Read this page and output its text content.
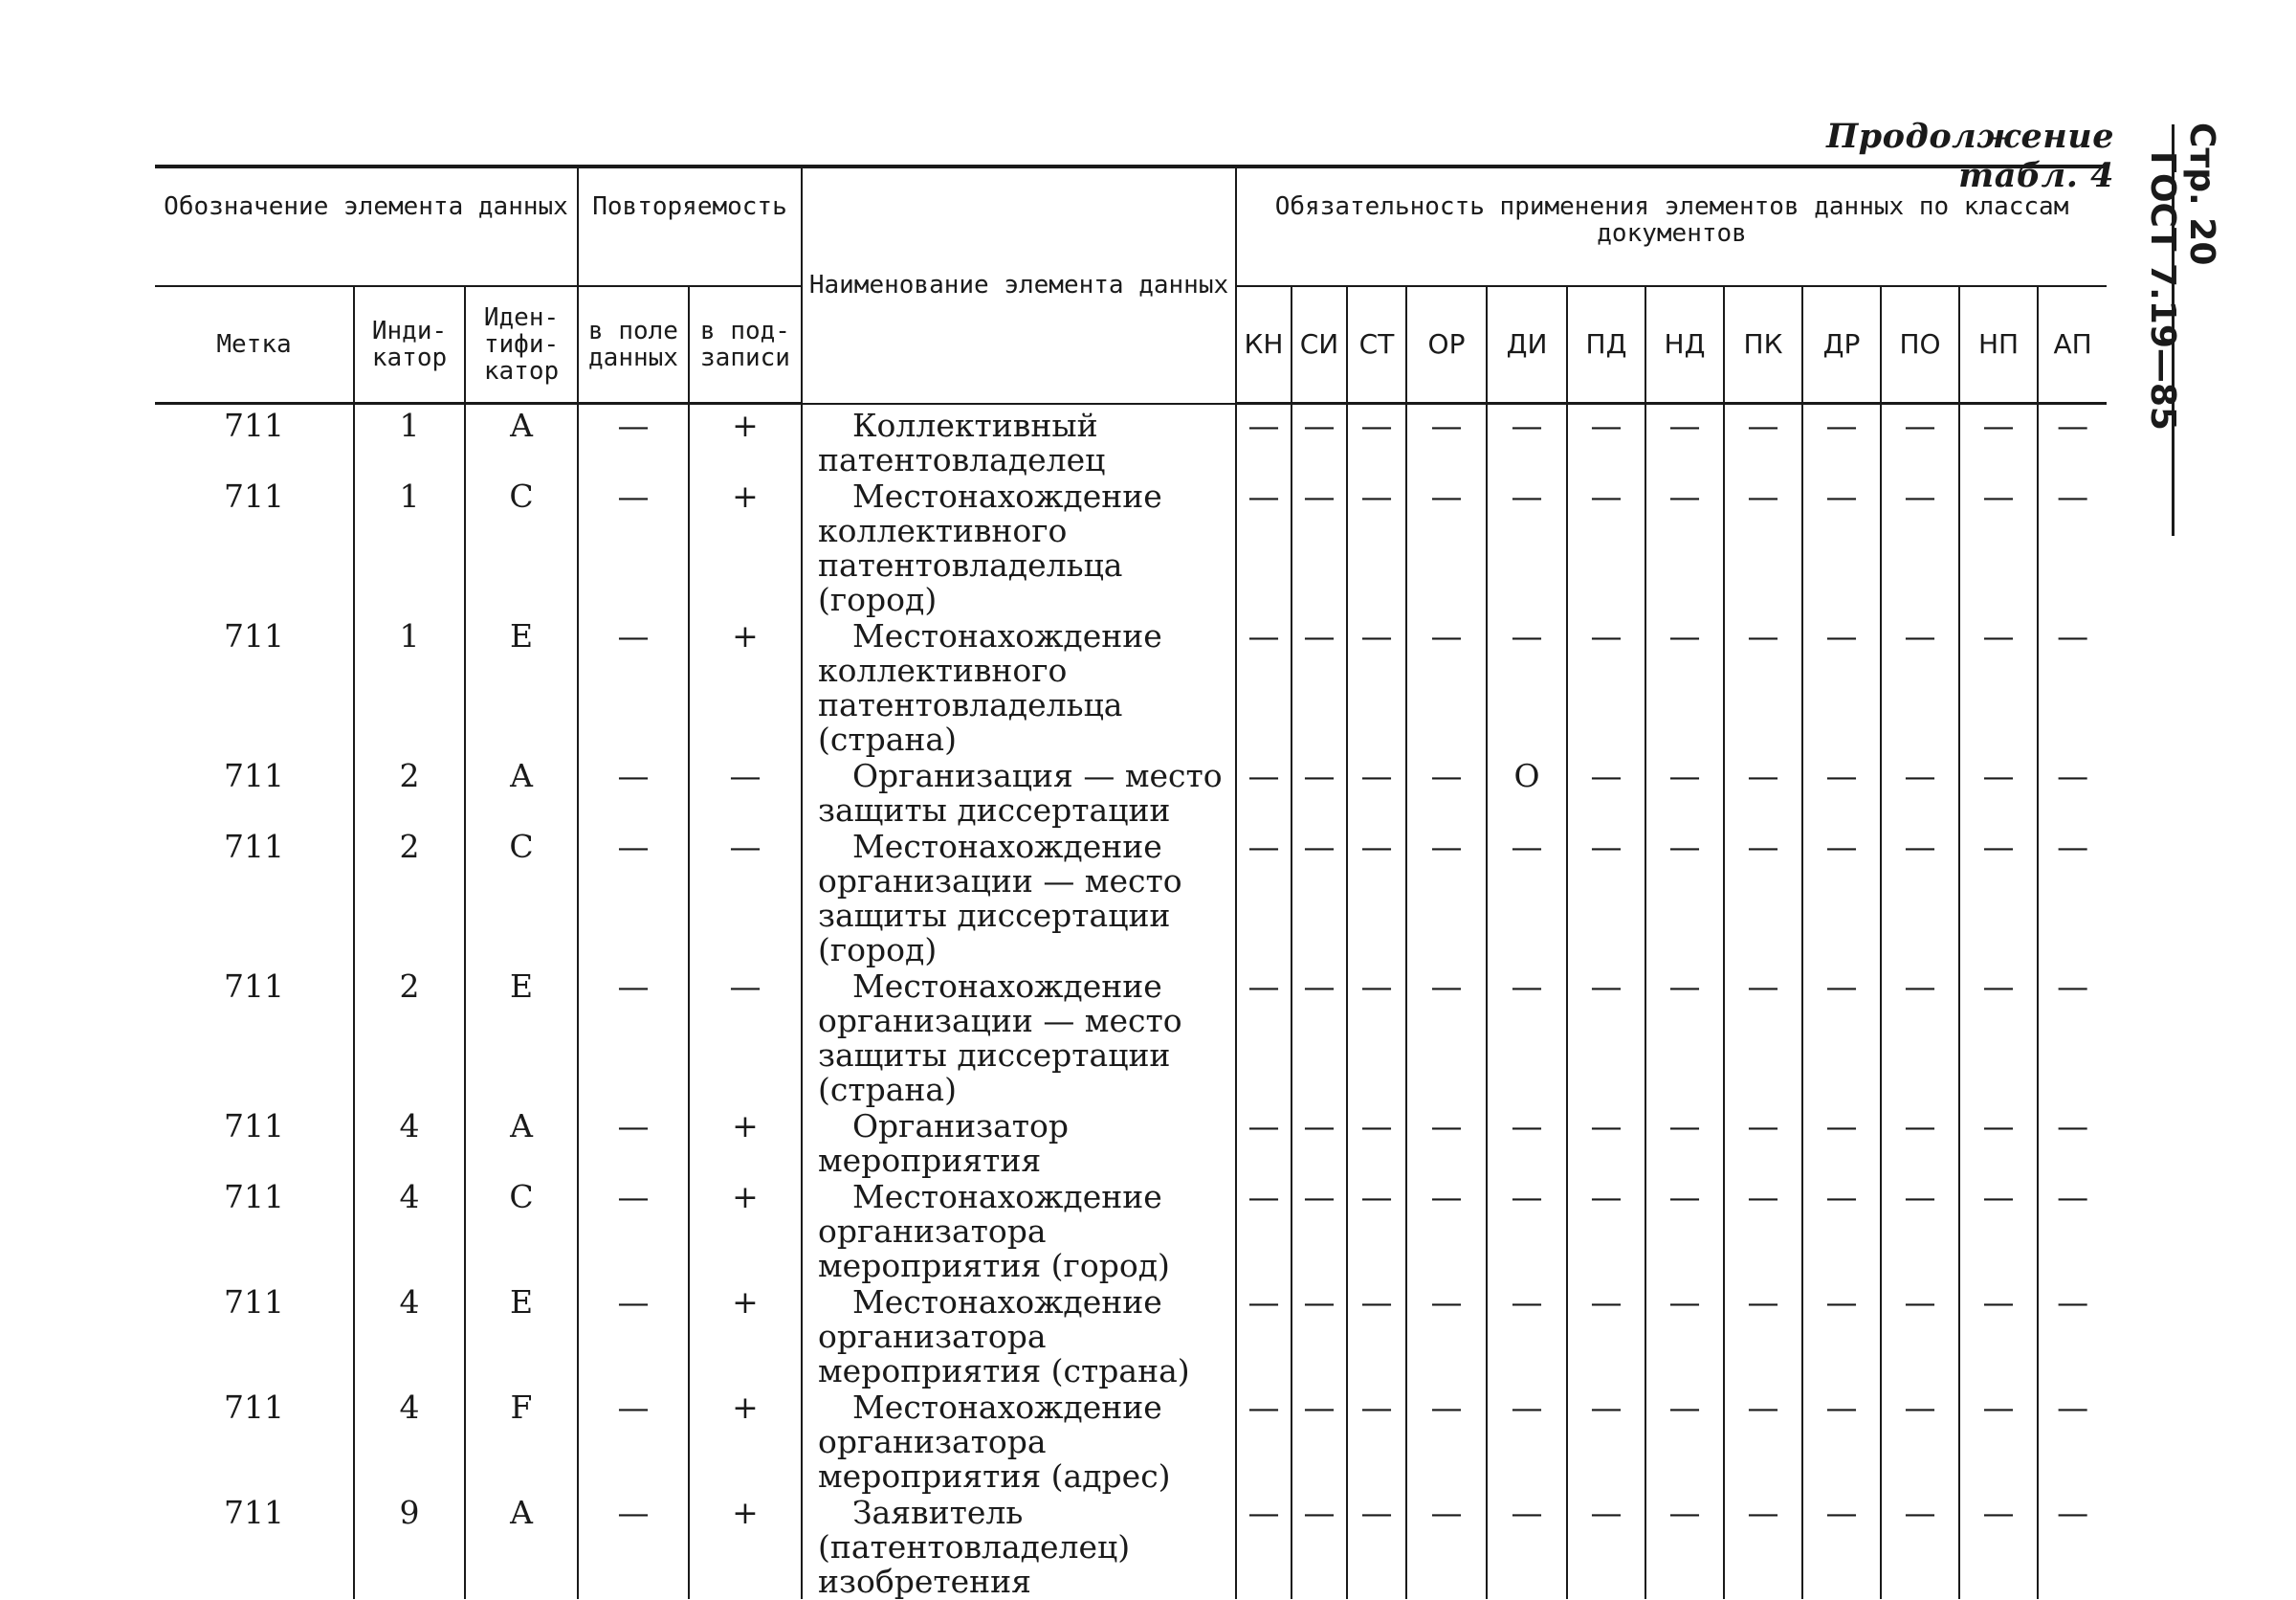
Продолжение табл. 4 Стр. 20 ГОСТ 7.19—85
Обозначение элемента данных			Повторяемость		Наименование элемента данных	Обязательность применения элементов данных по классам документов											
Метка	Инди- катор	Иден- тифи- катор	в поле данных	в под- записи		КН	СИ	СТ	ОР	ДИ	ПД	НД	ПК	ДР	ПО	НП	АП
711	1	A	—	+	Коллективный патентовладелец	—	—	—	—	—	—	—	—	—	—	—	—
711	1	C	—	+	Местонахождение коллективного патентовладельца (город)	—	—	—	—	—	—	—	—	—	—	—	—
711	1	E	—	+	Местонахождение коллективного патентовладельца (страна)	—	—	—	—	—	—	—	—	—	—	—	—
711	2	A	—	—	Организация — место защиты диссертации	—	—	—	—	О	—	—	—	—	—	—	—
711	2	C	—	—	Местонахождение организации — место защиты диссертации (город)	—	—	—	—	—	—	—	—	—	—	—	—
711	2	E	—	—	Местонахождение организации — место защиты диссертации (страна)	—	—	—	—	—	—	—	—	—	—	—	—
711	4	A	—	+	Организатор мероприятия	—	—	—	—	—	—	—	—	—	—	—	—
711	4	C	—	+	Местонахождение организатора мероприятия (город)	—	—	—	—	—	—	—	—	—	—	—	—
711	4	E	—	+	Местонахождение организатора мероприятия (страна)	—	—	—	—	—	—	—	—	—	—	—	—
711	4	F	—	+	Местонахождение организатора мероприятия (адрес)	—	—	—	—	—	—	—	—	—	—	—	—
711	9	A	—	+	Заявитель (патентовладелец) изобретения	—	—	—	—	—	—	—	—	—	—	—	—
